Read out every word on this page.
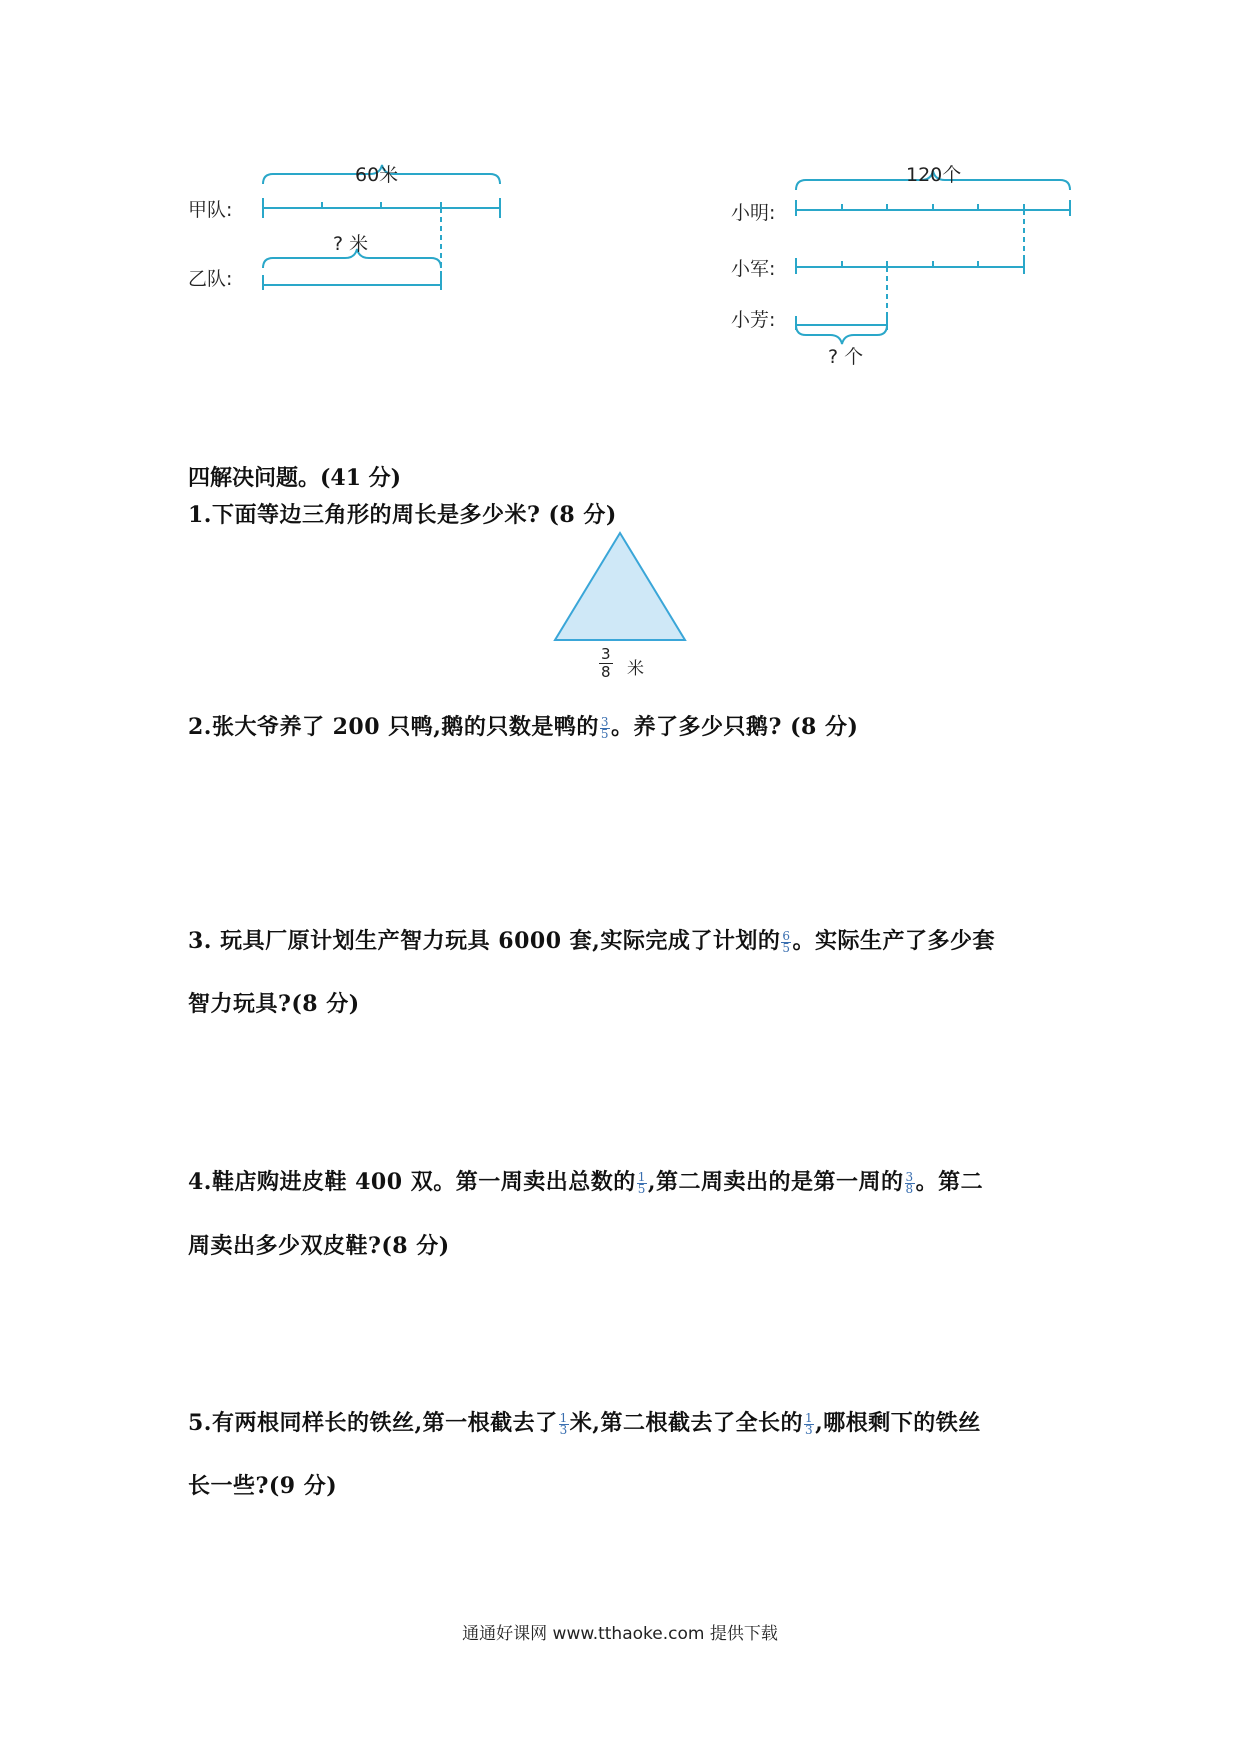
60米
甲队:
? 米
乙队:
120个
小明:
小军:
小芳:
? 个
四解决问题。(41 分)
1.下面等边三角形的周长是多少米? (8 分)
$\frac{3}{8}$ 米
2.张大爷养了 200 只鸭,鹅的只数是鸭的 $\frac{3}{5}$ 。养了多少只鹅? (8 分)
3. 玩具厂原计划生产智力玩具 6000 套,实际完成了计划的 $\frac{6}{5}$ 。实际生产了多少套
智力玩具?(8 分)
4.鞋店购进皮鞋 400 双。第一周卖出总数的 $\frac{1}{5}$ ,第二周卖出的是第一周的 $\frac{3}{8}$ 。第二
周卖出多少双皮鞋?(8 分)
5.有两根同样长的铁丝,第一根截去了 $\frac{1}{3}$ 米,第二根截去了全长的 $\frac{1}{3}$ ,哪根剩下的铁丝
长一些?(9 分)
通通好课网 www.tthaoke.com 提供下载
